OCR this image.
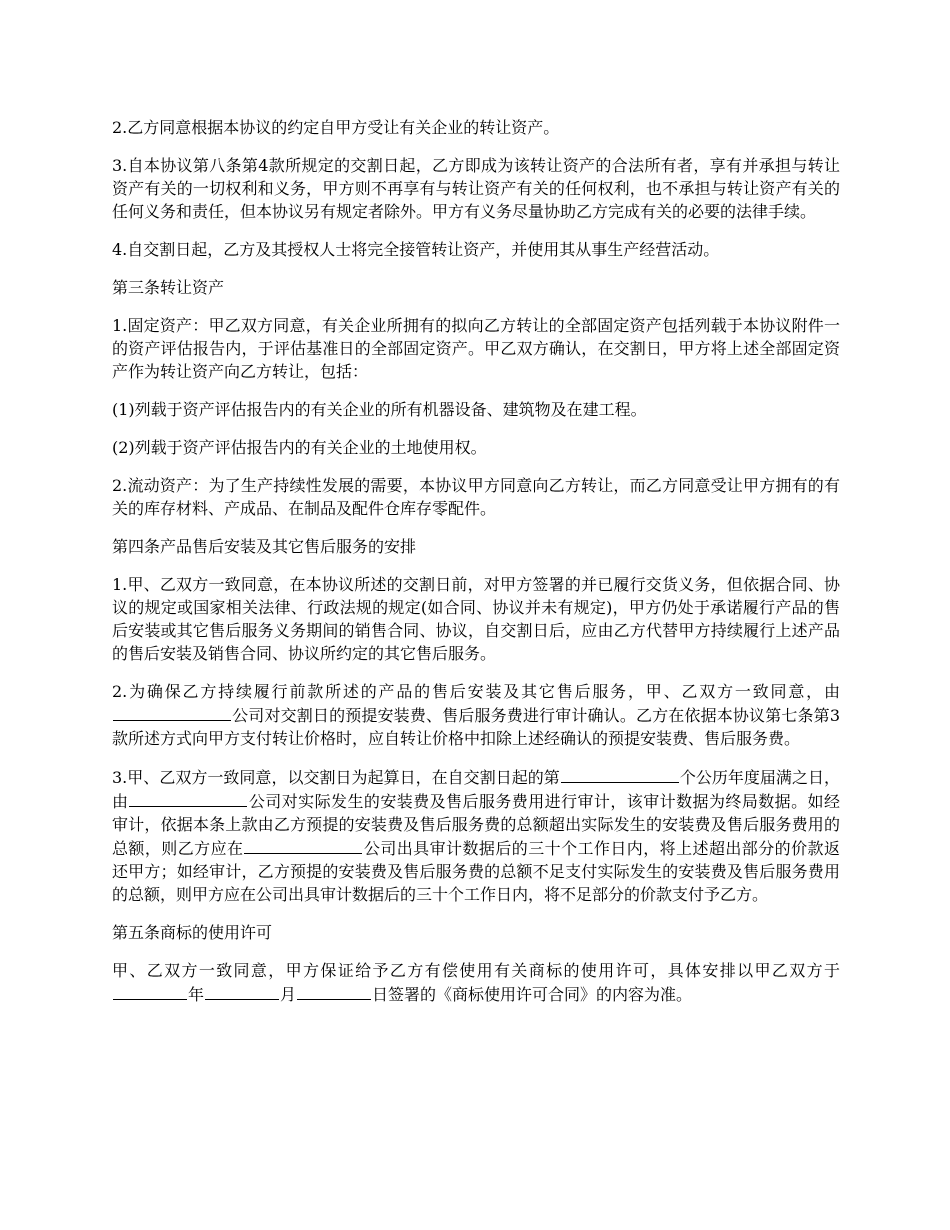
2.乙方同意根据本协议的约定自甲方受让有关企业的转让资产。

3.自本协议第八条第4款所规定的交割日起，乙方即成为该转让资产的合法所有者，享有并承担与转让资产有关的一切权利和义务，甲方则不再享有与转让资产有关的任何权利，也不承担与转让资产有关的任何义务和责任，但本协议另有规定者除外。甲方有义务尽量协助乙方完成有关的必要的法律手续。

4.自交割日起，乙方及其授权人士将完全接管转让资产，并使用其从事生产经营活动。

第三条转让资产

1.固定资产：甲乙双方同意，有关企业所拥有的拟向乙方转让的全部固定资产包括列载于本协议附件一的资产评估报告内，于评估基准日的全部固定资产。甲乙双方确认，在交割日，甲方将上述全部固定资产作为转让资产向乙方转让，包括：

(1)列载于资产评估报告内的有关企业的所有机器设备、建筑物及在建工程。

(2)列载于资产评估报告内的有关企业的土地使用权。

2.流动资产：为了生产持续性发展的需要，本协议甲方同意向乙方转让，而乙方同意受让甲方拥有的有关的库存材料、产成品、在制品及配件仓库存零配件。

第四条产品售后安装及其它售后服务的安排

1.甲、乙双方一致同意，在本协议所述的交割日前，对甲方签署的并已履行交货义务，但依据合同、协议的规定或国家相关法律、行政法规的规定(如合同、协议并未有规定)，甲方仍处于承诺履行产品的售后安装或其它售后服务义务期间的销售合同、协议，自交割日后，应由乙方代替甲方持续履行上述产品的售后安装及销售合同、协议所约定的其它售后服务。

2.为确保乙方持续履行前款所述的产品的售后安装及其它售后服务，甲、乙双方一致同意，由公司对交割日的预提安装费、售后服务费进行审计确认。乙方在依据本协议第七条第3款所述方式向甲方支付转让价格时，应自转让价格中扣除上述经确认的预提安装费、售后服务费。

3.甲、乙双方一致同意，以交割日为起算日，在自交割日起的第	个公历年度届满之日，由	公司对实际发生的安装费及售后服务费用进行审计，该审计数据为终局数据。如经审计，依据本条上款由乙方预提的安装费及售后服务费的总额超出实际发生的安装费及售后服务费用的总额，则乙方应在	公司出具审计数据后的三十个工作日内，将上述超出部分的价款返还甲方；如经审计，乙方预提的安装费及售后服务费的总额不足支付实际发生的安装费及售后服务费用的总额，则甲方应在公司出具审计数据后的三十个工作日内，将不足部分的价款支付予乙方。

第五条商标的使用许可

甲、乙双方一致同意，甲方保证给予乙方有偿使用有关商标的使用许可，具体安排以甲乙双方于年	月	日签署的《商标使用许可合同》的内容为准。
